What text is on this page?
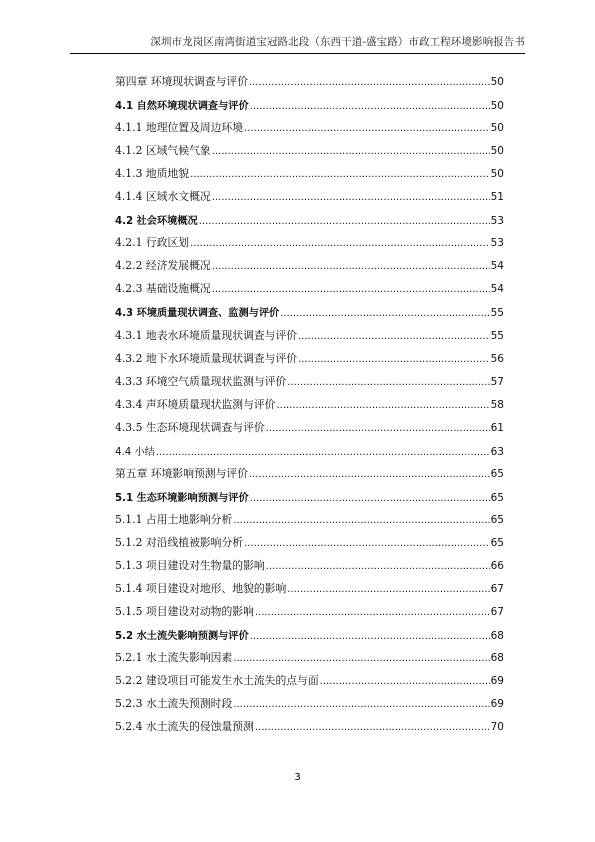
深圳市龙岗区南湾街道宝冠路北段（东西干道-盛宝路）市政工程环境影响报告书
第四章 环境现状调查与评价 .....	50
4.1 自然环境现状调查与评价 .....	50
4.1.1 地理位置及周边环境 .....	50
4.1.2 区域气候气象 .....	50
4.1.3 地质地貌 .....	50
4.1.4 区域水文概况 .....	51
4.2 社会环境概况 .....	53
4.2.1 行政区划 .....	53
4.2.2 经济发展概况 .....	54
4.2.3 基础设施概况 .....	54
4.3 环境质量现状调查、监测与评价 .....	55
4.3.1 地表水环境质量现状调查与评价 .....	55
4.3.2 地下水环境质量现状调查与评价 .....	56
4.3.3 环境空气质量现状监测与评价 .....	57
4.3.4 声环境质量现状监测与评价 .....	58
4.3.5 生态环境现状调查与评价 .....	61
4.4 小结 .....	63
第五章 环境影响预测与评价 .....	65
5.1 生态环境影响预测与评价 .....	65
5.1.1 占用土地影响分析 .....	65
5.1.2 对沿线植被影响分析 .....	65
5.1.3 项目建设对生物量的影响 .....	66
5.1.4 项目建设对地形、地貌的影响 .....	67
5.1.5 项目建设对动物的影响 .....	67
5.2 水土流失影响预测与评价 .....	68
5.2.1 水土流失影响因素 .....	68
5.2.2 建设项目可能发生水土流失的点与面 .....	69
5.2.3 水土流失预测时段 .....	69
5.2.4 水土流失的侵蚀量预测 .....	70
3
